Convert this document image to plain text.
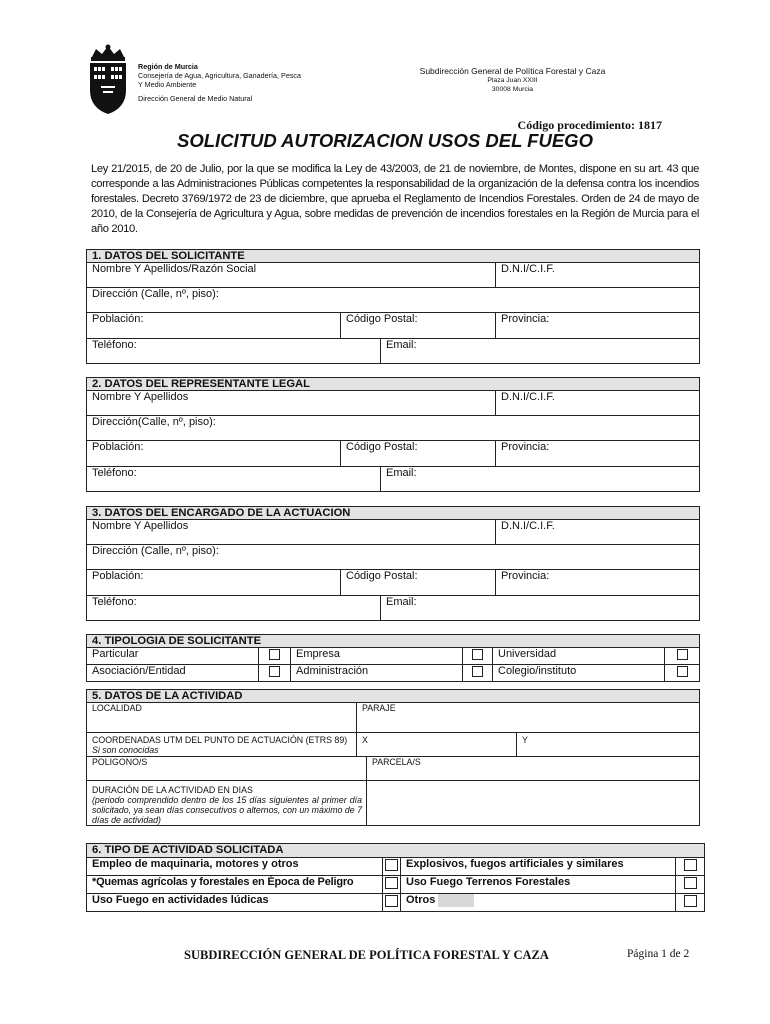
Región de Murcia
Consejería de Agua, Agricultura, Ganadería, Pesca
Y Medio Ambiente
Dirección General de Medio Natural
Subdirección General de Política Forestal y Caza
Plaza Juan XXIII
30008 Murcia
Código procedimiento: 1817
SOLICITUD AUTORIZACION USOS DEL FUEGO
Ley 21/2015, de 20 de Julio, por la que se modifica la Ley de 43/2003, de 21 de noviembre, de Montes, dispone en su art. 43 que corresponde a las Administraciones Públicas competentes la responsabilidad de la organización de la defensa contra los incendios forestales. Decreto 3769/1972 de 23 de diciembre, que aprueba el Reglamento de Incendios Forestales. Orden de 24 de mayo de 2010, de la Consejería de Agricultura y Agua, sobre medidas de prevención de incendios forestales en la Región de Murcia para el año 2010.
1. DATOS DEL SOLICITANTE			
Nombre Y Apellidos/Razón Social			D.N.I/C.I.F.
Dirección (Calle, nº, piso):			
Población:	Código Postal:		Provincia:
Teléfono:		Email:	
2. DATOS DEL REPRESENTANTE LEGAL			
Nombre Y Apellidos			D.N.I/C.I.F.
Dirección(Calle, nº, piso):			
Población:	Código Postal:		Provincia:
Teléfono:		Email:	
3. DATOS DEL ENCARGADO DE LA ACTUACION			
Nombre Y Apellidos			D.N.I/C.I.F.
Dirección (Calle, nº, piso):			
Población:	Código Postal:		Provincia:
Teléfono:		Email:	
4. TIPOLOGIA DE SOLICITANTE					
Particular		Empresa		Universidad	
Asociación/Entidad		Administración		Colegio/instituto	
5. DATOS DE LA ACTIVIDAD			
LOCALIDAD	PARAJE		

COORDENADAS UTM DEL PUNTO DE ACTUACIÓN (ETRS 89) Si son conocidas	X		Y
POLIGONO/S		PARCELA/S	

DURACIÓN DE LA ACTIVIDAD EN DIAS
(periodo comprendido dentro de los 15 días siguientes al primer día solicitado, ya sean días consecutivos o alternos, con un máximo de 7 días de actividad)			

6. TIPO DE ACTIVIDAD SOLICITADA			
Empleo de maquinaria, motores y otros		Explosivos, fuegos artificiales y similares	
*Quemas agrícolas y forestales en Época de Peligro		Uso Fuego Terrenos Forestales	
Uso Fuego en actividades lúdicas		Otros	
SUBDIRECCIÓN GENERAL DE POLÍTICA FORESTAL Y CAZA	Página 1 de 2
